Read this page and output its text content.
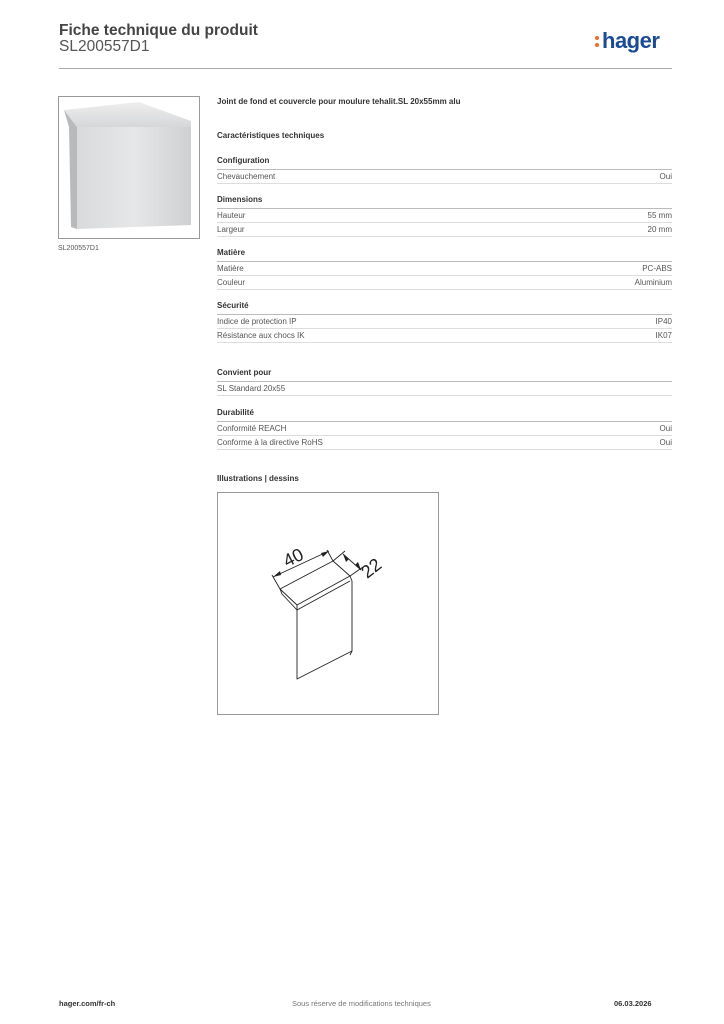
Fiche technique du produit
SL200557D1	hager
SL200557D1
Joint de fond et couvercle pour moulure tehalit.SL 20x55mm alu
Caractéristiques techniques
Configuration
Chevauchement	Oui
Dimensions
Hauteur	55 mm
Largeur	20 mm
Matière
Matière	PC-ABS
Couleur	Aluminium
Sécurité
Indice de protection IP	IP40
Résistance aux chocs IK	IK07
Convient pour
SL Standard 20x55
Durabilité
Conformité REACH	Oui
Conforme à la directive RoHS	Oui
Illustrations | dessins
40	22
hager.com/fr-ch	Sous réserve de modifications techniques	06.03.2026
